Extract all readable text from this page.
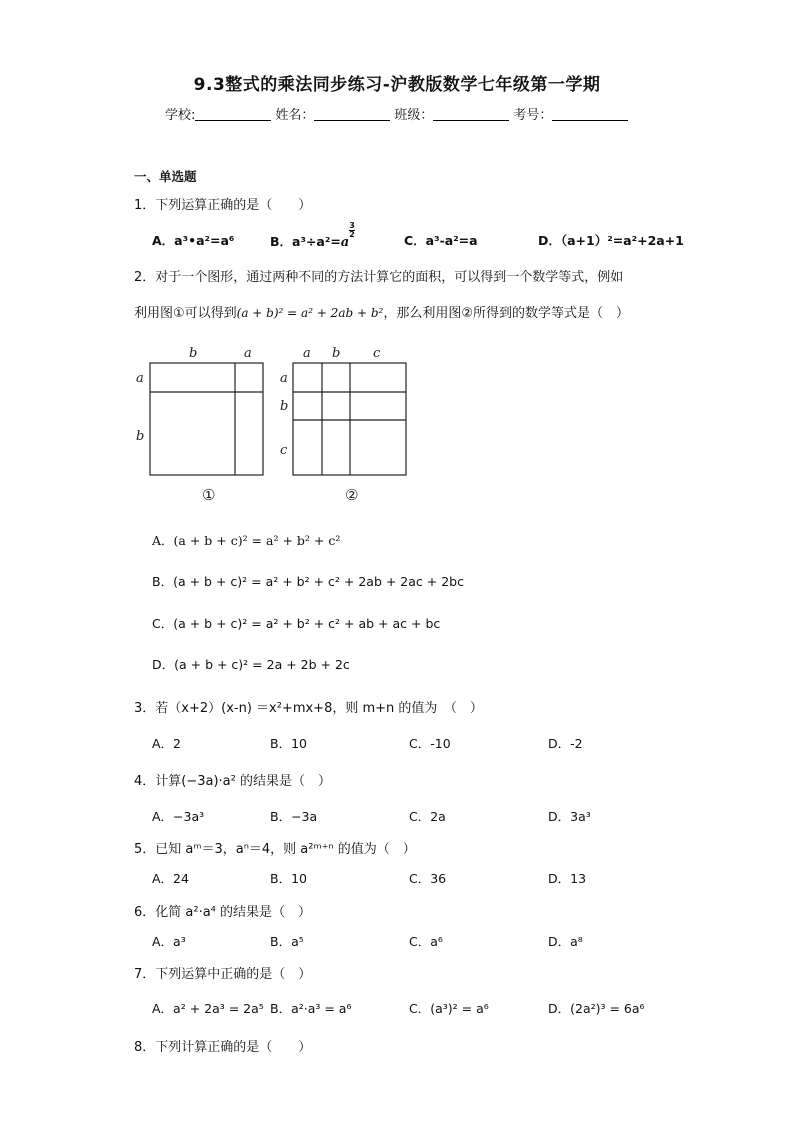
9.3整式的乘法同步练习-沪教版数学七年级第一学期
学校:	姓名：	班级：	考号：
一、单选题
1．下列运算正确的是（　　）
A．a³•a²=a⁶	B．a³÷a²=a
$\frac{3}{2}$
C．a³-a²=a	D．（a+1）²=a²+2a+1
2．对于一个图形，通过两种不同的方法计算它的面积，可以得到一个数学等式，例如
利用图①可以得到(a + b)² = a² + 2ab + b²，那么利用图②所得到的数学等式是（　）
b	a
a
b
①
a b	c
a
b
c
②
A．(a + b + c)² = a² + b² + c²
B．(a + b + c)² = a² + b² + c² + 2ab + 2ac + 2bc
C．(a + b + c)² = a² + b² + c² + ab + ac + bc
D．(a + b + c)² = 2a + 2b + 2c
3．若（x+2）(x-n) ＝x²+mx+8，则 m+n 的值为　（　）
A．2	B．10	C．-10	D．-2
4．计算(−3a)·a² 的结果是（　）
A．−3a³	B．−3a	C．2a	D．3a³
5．已知 aᵐ＝3，aⁿ＝4，则 a²ᵐ⁺ⁿ 的值为（　）
A．24	B．10	C．36	D．13
6．化简 a²·a⁴ 的结果是（　）
A．a³	B．a⁵	C．a⁶	D．a⁸
7．下列运算中正确的是（　）
A．a² + 2a³ = 2a⁵ B．a²·a³ = a⁶	C．(a³)² = a⁶	D．(2a²)³ = 6a⁶
8．下列计算正确的是（　　）
